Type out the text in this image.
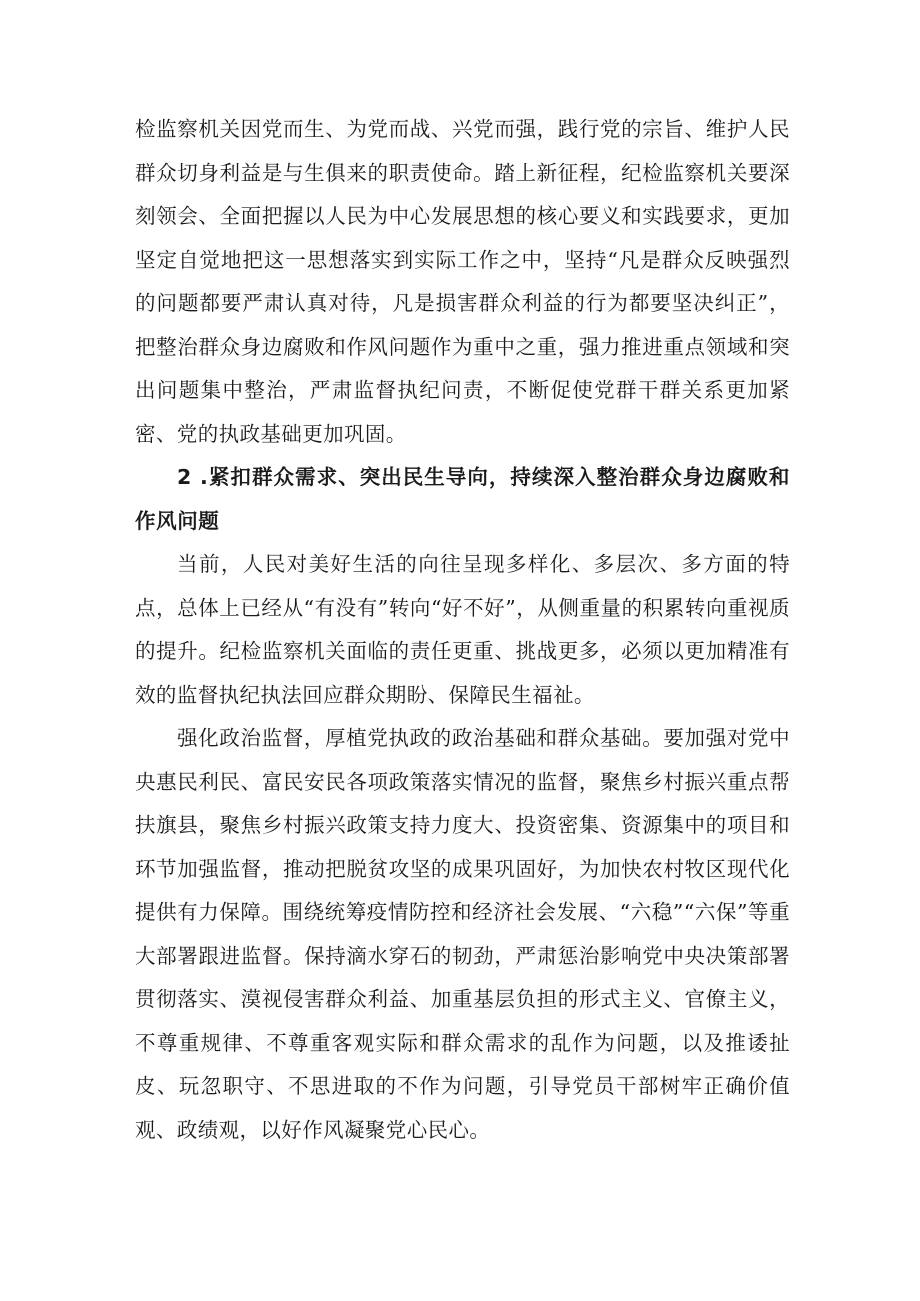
检监察机关因党而生、为党而战、兴党而强，践行党的宗旨、维护人民群众切身利益是与生俱来的职责使命。踏上新征程，纪检监察机关要深刻领会、全面把握以人民为中心发展思想的核心要义和实践要求，更加坚定自觉地把这一思想落实到实际工作之中，坚持“凡是群众反映强烈的问题都要严肃认真对待，凡是损害群众利益的行为都要坚决纠正”，把整治群众身边腐败和作风问题作为重中之重，强力推进重点领域和突出问题集中整治，严肃监督执纪问责，不断促使党群干群关系更加紧密、党的执政基础更加巩固。

2 .紧扣群众需求、突出民生导向，持续深入整治群众身边腐败和作风问题

当前，人民对美好生活的向往呈现多样化、多层次、多方面的特点，总体上已经从“有没有”转向“好不好”，从侧重量的积累转向重视质的提升。纪检监察机关面临的责任更重、挑战更多，必须以更加精准有效的监督执纪执法回应群众期盼、保障民生福祉。

强化政治监督，厚植党执政的政治基础和群众基础。要加强对党中央惠民利民、富民安民各项政策落实情况的监督，聚焦乡村振兴重点帮扶旗县，聚焦乡村振兴政策支持力度大、投资密集、资源集中的项目和环节加强监督，推动把脱贫攻坚的成果巩固好，为加快农村牧区现代化提供有力保障。围绕统筹疫情防控和经济社会发展、“六稳”“六保”等重大部署跟进监督。保持滴水穿石的韧劲，严肃惩治影响党中央决策部署贯彻落实、漠视侵害群众利益、加重基层负担的形式主义、官僚主义，不尊重规律、不尊重客观实际和群众需求的乱作为问题，以及推诿扯皮、玩忽职守、不思进取的不作为问题，引导党员干部树牢正确价值观、政绩观，以好作风凝聚党心民心。
